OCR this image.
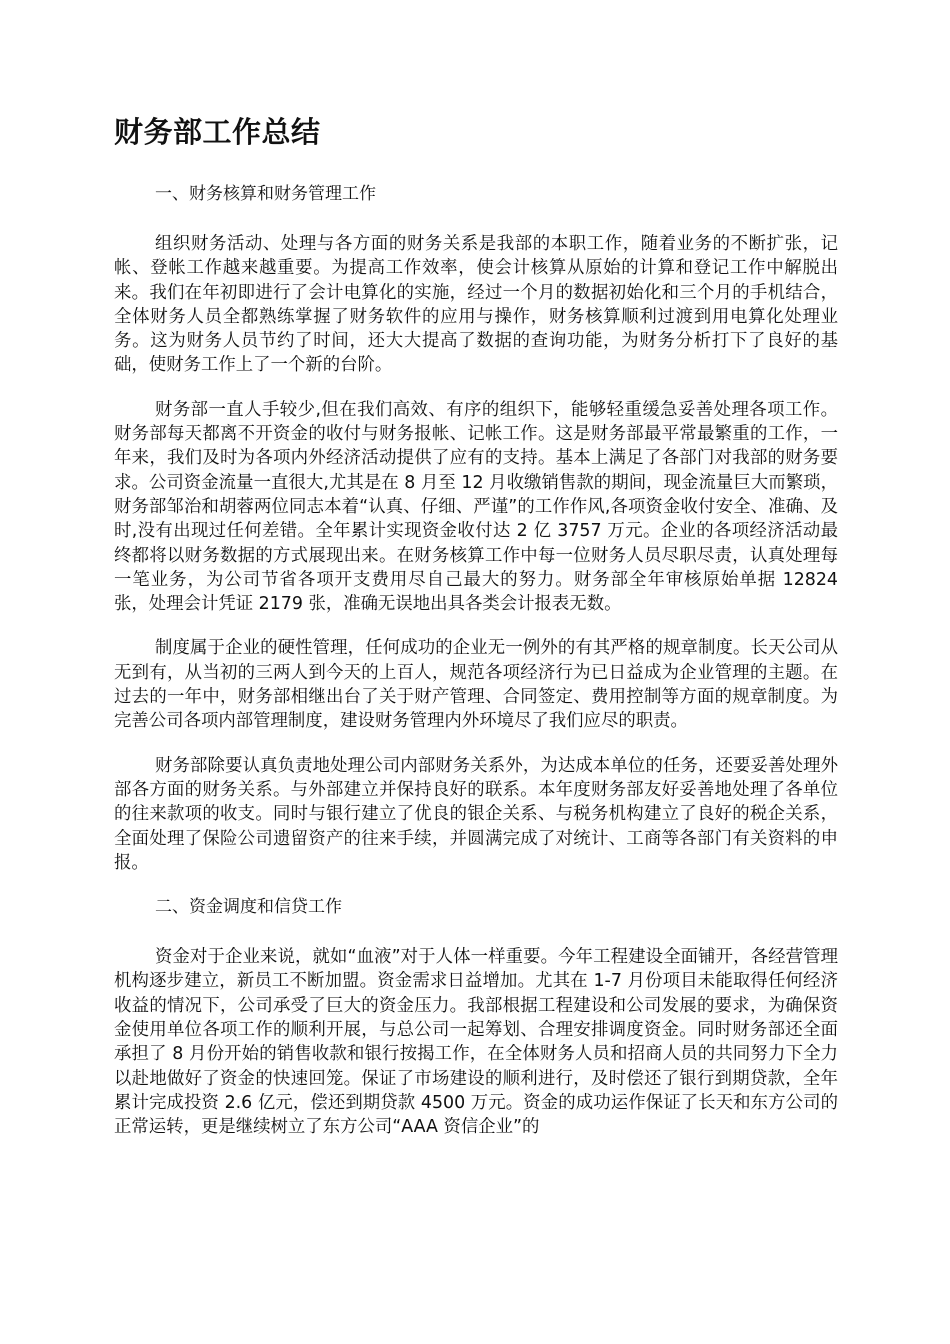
财务部工作总结
一、财务核算和财务管理工作

组织财务活动、处理与各方面的财务关系是我部的本职工作，随着业务的不断扩张，记帐、登帐工作越来越重要。为提高工作效率，使会计核算从原始的计算和登记工作中解脱出来。我们在年初即进行了会计电算化的实施，经过一个月的数据初始化和三个月的手机结合，全体财务人员全都熟练掌握了财务软件的应用与操作，财务核算顺利过渡到用电算化处理业务。这为财务人员节约了时间，还大大提高了数据的查询功能，为财务分析打下了良好的基础，使财务工作上了一个新的台阶。

财务部一直人手较少,但在我们高效、有序的组织下，能够轻重缓急妥善处理各项工作。财务部每天都离不开资金的收付与财务报帐、记帐工作。这是财务部最平常最繁重的工作，一年来，我们及时为各项内外经济活动提供了应有的支持。基本上满足了各部门对我部的财务要求。公司资金流量一直很大,尤其是在 8 月至 12 月收缴销售款的期间，现金流量巨大而繁琐，财务部邹治和胡蓉两位同志本着“认真、仔细、严谨”的工作作风,各项资金收付安全、准确、及时,没有出现过任何差错。全年累计实现资金收付达 2 亿 3757 万元。企业的各项经济活动最终都将以财务数据的方式展现出来。在财务核算工作中每一位财务人员尽职尽责，认真处理每一笔业务，为公司节省各项开支费用尽自己最大的努力。财务部全年审核原始单据 12824 张，处理会计凭证 2179 张，准确无误地出具各类会计报表无数。

制度属于企业的硬性管理，任何成功的企业无一例外的有其严格的规章制度。长天公司从无到有，从当初的三两人到今天的上百人，规范各项经济行为已日益成为企业管理的主题。在过去的一年中，财务部相继出台了关于财产管理、合同签定、费用控制等方面的规章制度。为完善公司各项内部管理制度，建设财务管理内外环境尽了我们应尽的职责。

财务部除要认真负责地处理公司内部财务关系外，为达成本单位的任务，还要妥善处理外部各方面的财务关系。与外部建立并保持良好的联系。本年度财务部友好妥善地处理了各单位的往来款项的收支。同时与银行建立了优良的银企关系、与税务机构建立了良好的税企关系，全面处理了保险公司遗留资产的往来手续，并圆满完成了对统计、工商等各部门有关资料的申报。

二、资金调度和信贷工作

资金对于企业来说，就如“血液”对于人体一样重要。今年工程建设全面铺开，各经营管理机构逐步建立，新员工不断加盟。资金需求日益增加。尤其在 1-7 月份项目未能取得任何经济收益的情况下，公司承受了巨大的资金压力。我部根据工程建设和公司发展的要求，为确保资金使用单位各项工作的顺利开展，与总公司一起筹划、合理安排调度资金。同时财务部还全面承担了 8 月份开始的销售收款和银行按揭工作，在全体财务人员和招商人员的共同努力下全力以赴地做好了资金的快速回笼。保证了市场建设的顺利进行，及时偿还了银行到期贷款，全年累计完成投资 2.6 亿元，偿还到期贷款 4500 万元。资金的成功运作保证了长天和东方公司的正常运转，更是继续树立了东方公司“AAA 资信企业”的
